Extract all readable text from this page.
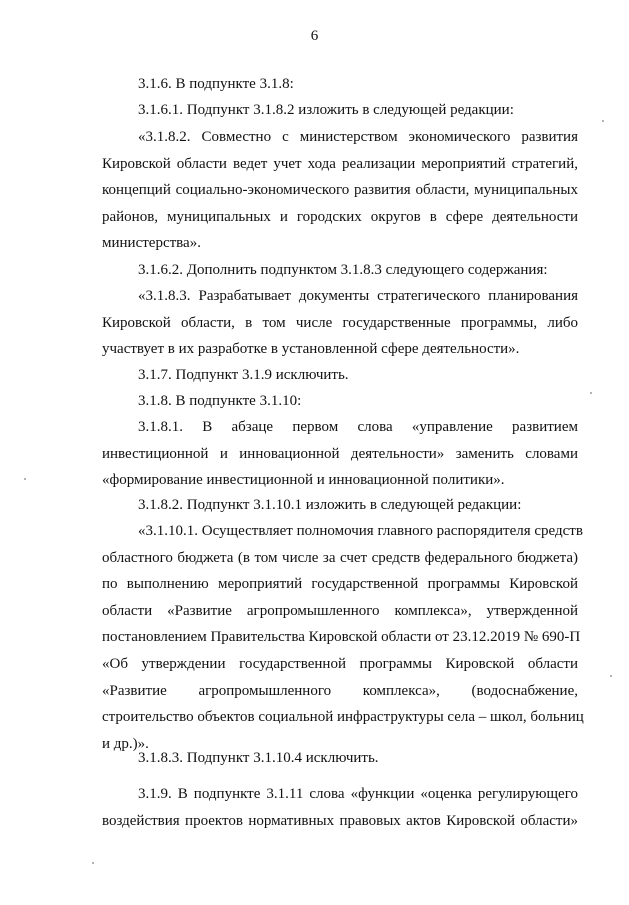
6

3.1.6. В подпункте 3.1.8:

3.1.6.1. Подпункт 3.1.8.2 изложить в следующей редакции:

«3.1.8.2. Совместно с министерством экономического развития
Кировской области ведет учет хода реализации мероприятий стратегий,
концепций социально-экономического развития области, муниципальных
районов, муниципальных и городских округов в сфере деятельности
министерства».

3.1.6.2. Дополнить подпунктом 3.1.8.3 следующего содержания:

«3.1.8.3. Разрабатывает документы стратегического планирования
Кировской области, в том числе государственные программы, либо
участвует в их разработке в установленной сфере деятельности».

3.1.7. Подпункт 3.1.9 исключить.

3.1.8. В подпункте 3.1.10:

3.1.8.1. В абзаце первом слова «управление развитием
инвестиционной и инновационной деятельности» заменить словами
«формирование инвестиционной и инновационной политики».

3.1.8.2. Подпункт 3.1.10.1 изложить в следующей редакции:

«3.1.10.1. Осуществляет полномочия главного распорядителя средств
областного бюджета (в том числе за счет средств федерального бюджета)
по выполнению мероприятий государственной программы Кировской
области «Развитие агропромышленного комплекса», утвержденной
постановлением Правительства Кировской области от 23.12.2019 № 690-П
«Об утверждении государственной программы Кировской области
«Развитие агропромышленного комплекса», (водоснабжение,
строительство объектов социальной инфраструктуры села – школ, больниц
и др.)».

3.1.8.3. Подпункт 3.1.10.4 исключить.

3.1.9. В подпункте 3.1.11 слова «функции «оценка регулирующего
воздействия проектов нормативных правовых актов Кировской области»
